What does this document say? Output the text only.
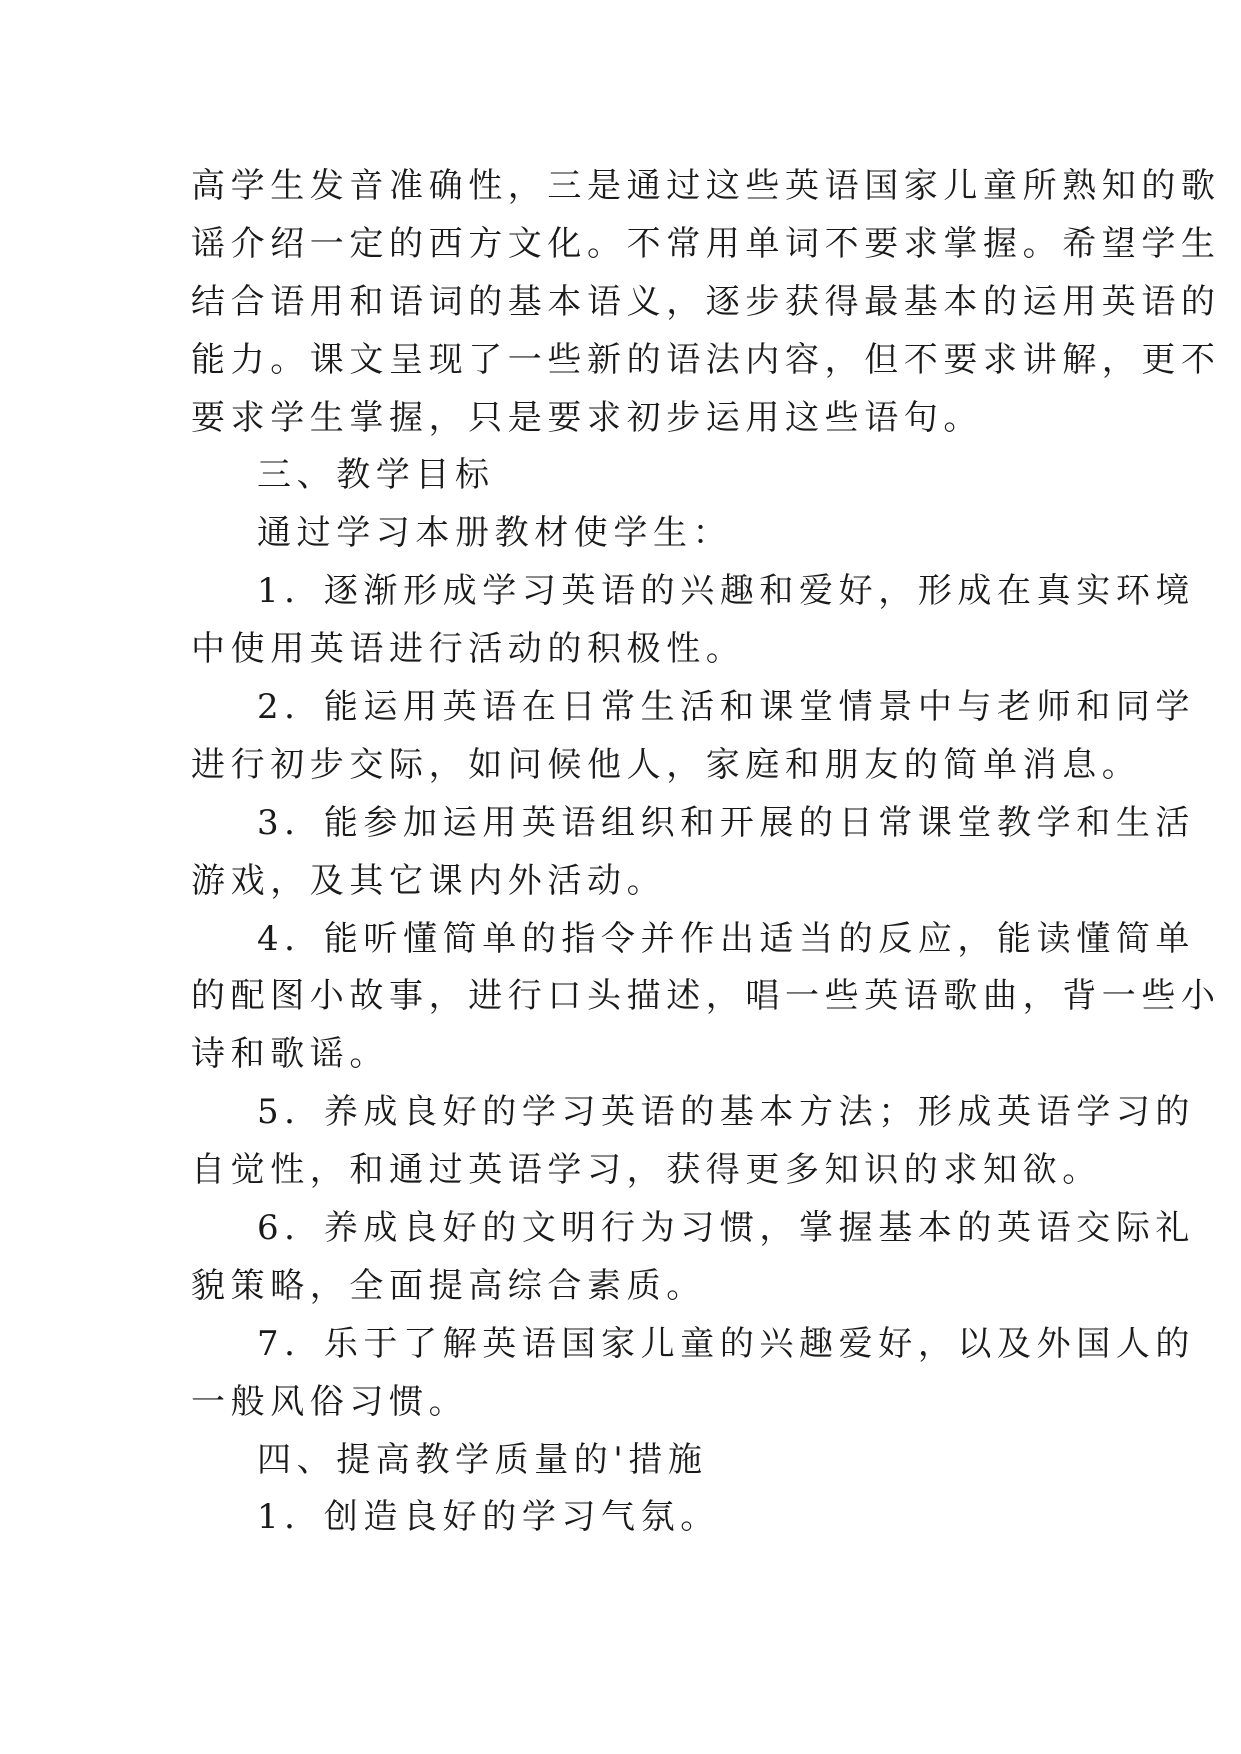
高学生发音准确性，三是通过这些英语国家儿童所熟知的歌
谣介绍一定的西方文化。不常用单词不要求掌握。希望学生
结合语用和语词的基本语义，逐步获得最基本的运用英语的
能力。课文呈现了一些新的语法内容，但不要求讲解，更不
要求学生掌握，只是要求初步运用这些语句。
三、教学目标
通过学习本册教材使学生：
1．逐渐形成学习英语的兴趣和爱好，形成在真实环境
中使用英语进行活动的积极性。
2．能运用英语在日常生活和课堂情景中与老师和同学
进行初步交际，如问候他人，家庭和朋友的简单消息。
3．能参加运用英语组织和开展的日常课堂教学和生活
游戏，及其它课内外活动。
4．能听懂简单的指令并作出适当的反应，能读懂简单
的配图小故事，进行口头描述，唱一些英语歌曲，背一些小
诗和歌谣。
5．养成良好的学习英语的基本方法；形成英语学习的
自觉性，和通过英语学习，获得更多知识的求知欲。
6．养成良好的文明行为习惯，掌握基本的英语交际礼
貌策略，全面提高综合素质。
7．乐于了解英语国家儿童的兴趣爱好，以及外国人的
一般风俗习惯。
四、提高教学质量的'措施
1．创造良好的学习气氛。
